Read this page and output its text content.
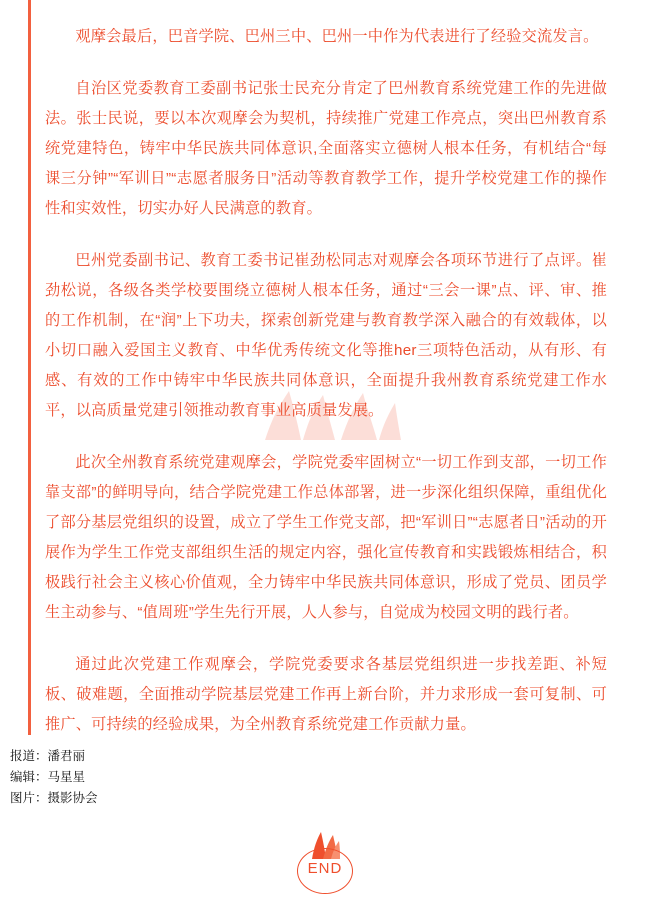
观摩会最后，巴音学院、巴州三中、巴州一中作为代表进行了经验交流发言。

自治区党委教育工委副书记张士民充分肯定了巴州教育系统党建工作的先进做法。张士民说，要以本次观摩会为契机，持续推广党建工作亮点，突出巴州教育系统党建特色，铸牢中华民族共同体意识,全面落实立德树人根本任务，有机结合“每课三分钟”“军训日”“志愿者服务日”活动等教育教学工作，提升学校党建工作的操作性和实效性，切实办好人民满意的教育。

巴州党委副书记、教育工委书记崔劲松同志对观摩会各项环节进行了点评。崔劲松说，各级各类学校要围绕立德树人根本任务，通过“三会一课”点、评、审、推的工作机制，在“润”上下功夫，探索创新党建与教育教学深入融合的有效载体，以小切口融入爱国主义教育、中华优秀传统文化等推her三项特色活动，从有形、有感、有效的工作中铸牢中华民族共同体意识，全面提升我州教育系统党建工作水平，以高质量党建引领推动教育事业高质量发展。

此次全州教育系统党建观摩会，学院党委牢固树立“一切工作到支部，一切工作靠支部”的鲜明导向，结合学院党建工作总体部署，进一步深化组织保障，重组优化了部分基层党组织的设置，成立了学生工作党支部，把“军训日”“志愿者日”活动的开展作为学生工作党支部组织生活的规定内容，强化宣传教育和实践锻炼相结合，积极践行社会主义核心价值观，全力铸牢中华民族共同体意识，形成了党员、团员学生主动参与、“值周班”学生先行开展，人人参与，自觉成为校园文明的践行者。

通过此次党建工作观摩会，学院党委要求各基层党组织进一步找差距、补短板、破难题，全面推动学院基层党建工作再上新台阶，并力求形成一套可复制、可推广、可持续的经验成果，为全州教育系统党建工作贡献力量。

报道：潘君丽
编辑：马星星
图片：摄影协会
END
